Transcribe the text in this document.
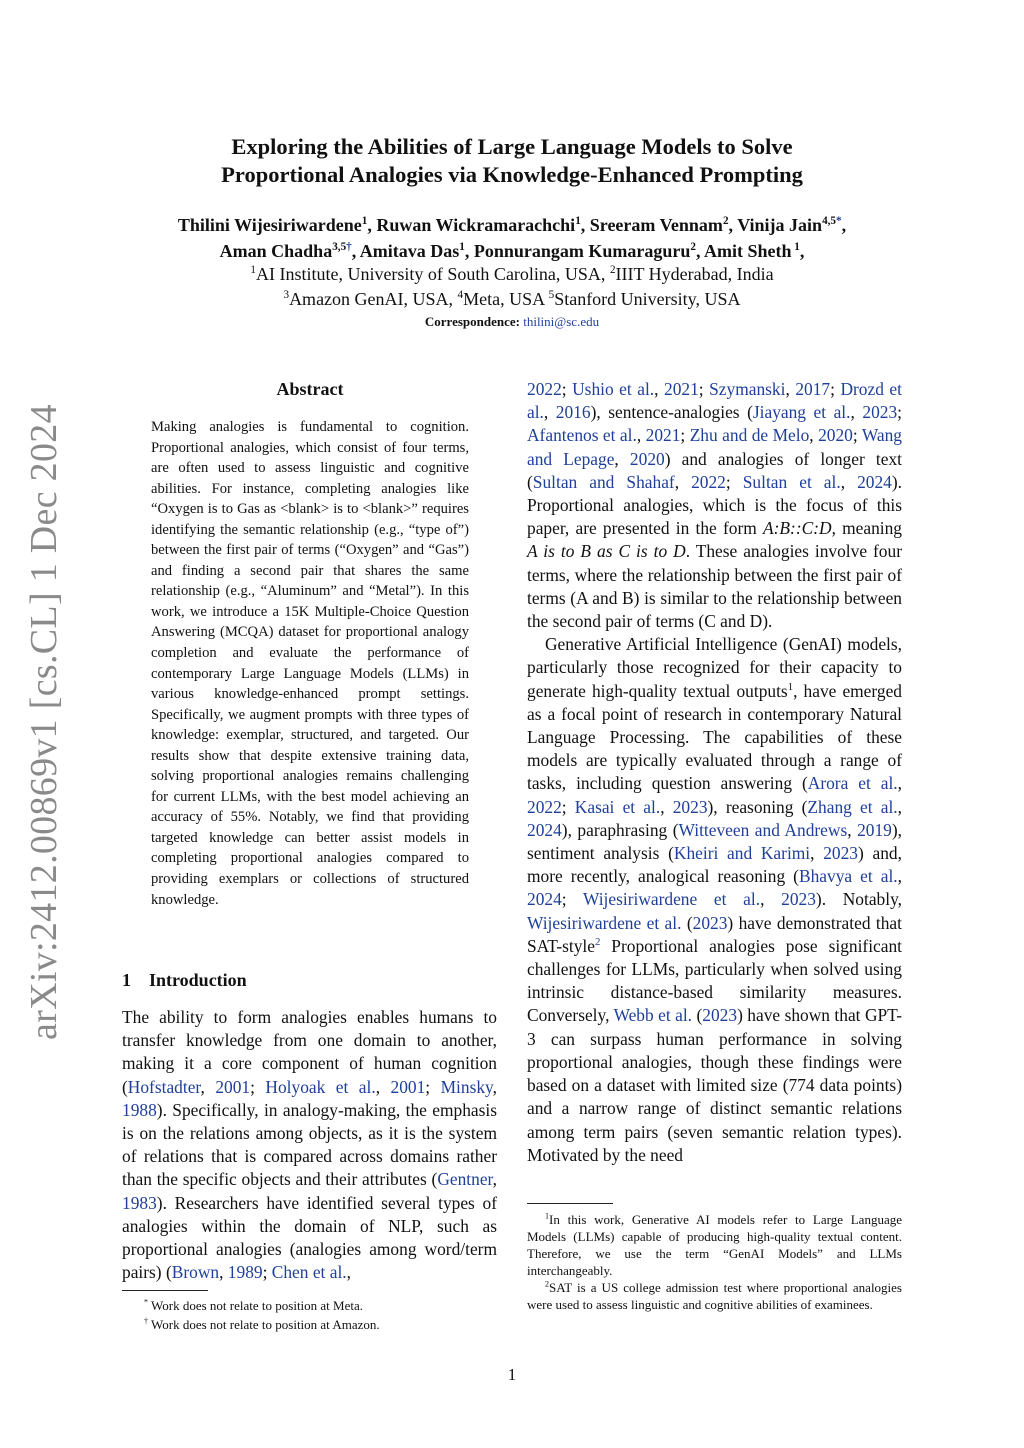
arXiv:2412.00869v1 [cs.CL] 1 Dec 2024
Exploring the Abilities of Large Language Models to Solve
Proportional Analogies via Knowledge-Enhanced Prompting
Thilini Wijesiriwardene$^1$, Ruwan Wickramarachchi$^1$, Sreeram Vennam$^2$, Vinija Jain$^{4,5*}$,
Aman Chadha$^{3,5\dagger}$, Amitava Das$^1$, Ponnurangam Kumaraguru$^2$, Amit Sheth $^1$,
$^1$AI Institute, University of South Carolina, USA, $^2$IIIT Hyderabad, India
$^3$Amazon GenAI, USA, $^4$Meta, USA $^5$Stanford University, USA
Correspondence: thilini@sc.edu
Abstract
Making analogies is fundamental to cognition. Proportional analogies, which consist of four terms, are often used to assess linguistic and cognitive abilities. For instance, completing analogies like “Oxygen is to Gas as <blank> is to <blank>” requires identifying the semantic relationship (e.g., “type of”) between the first pair of terms (“Oxygen” and “Gas”) and finding a second pair that shares the same relationship (e.g., “Aluminum” and “Metal”). In this work, we introduce a 15K Multiple-Choice Question Answering (MCQA) dataset for proportional analogy completion and evaluate the performance of contemporary Large Language Models (LLMs) in various knowledge-enhanced prompt settings. Specifically, we augment prompts with three types of knowledge: exemplar, structured, and targeted. Our results show that despite extensive training data, solving proportional analogies remains challenging for current LLMs, with the best model achieving an accuracy of 55%. Notably, we find that providing targeted knowledge can better assist models in completing proportional analogies compared to providing exemplars or collections of structured knowledge.
1 Introduction

The ability to form analogies enables humans to transfer knowledge from one domain to another, making it a core component of human cognition (Hofstadter, 2001; Holyoak et al., 2001; Minsky, 1988). Specifically, in analogy-making, the emphasis is on the relations among objects, as it is the system of relations that is compared across domains rather than the specific objects and their attributes (Gentner, 1983). Researchers have identified several types of analogies within the domain of NLP, such as proportional analogies (analogies among word/term pairs) (Brown, 1989; Chen et al.,

* Work does not relate to position at Meta.
† Work does not relate to position at Amazon.

2022; Ushio et al., 2021; Szymanski, 2017; Drozd et al., 2016), sentence-analogies (Jiayang et al., 2023; Afantenos et al., 2021; Zhu and de Melo, 2020; Wang and Lepage, 2020) and analogies of longer text (Sultan and Shahaf, 2022; Sultan et al., 2024). Proportional analogies, which is the focus of this paper, are presented in the form A:B::C:D, meaning A is to B as C is to D. These analogies involve four terms, where the relationship between the first pair of terms (A and B) is similar to the relationship between the second pair of terms (C and D).

Generative Artificial Intelligence (GenAI) models, particularly those recognized for their capacity to generate high-quality textual outputs$^1$, have emerged as a focal point of research in contemporary Natural Language Processing. The capabilities of these models are typically evaluated through a range of tasks, including question answering (Arora et al., 2022; Kasai et al., 2023), reasoning (Zhang et al., 2024), paraphrasing (Witteveen and Andrews, 2019), sentiment analysis (Kheiri and Karimi, 2023) and, more recently, analogical reasoning (Bhavya et al., 2024; Wijesiriwardene et al., 2023). Notably, Wijesiriwardene et al. (2023) have demonstrated that SAT-style$^2$ Proportional analogies pose significant challenges for LLMs, particularly when solved using intrinsic distance-based similarity measures. Conversely, Webb et al. (2023) have shown that GPT-3 can surpass human performance in solving proportional analogies, though these findings were based on a dataset with limited size (774 data points) and a narrow range of distinct semantic relations among term pairs (seven semantic relation types). Motivated by the need

$^1$In this work, Generative AI models refer to Large Language Models (LLMs) capable of producing high-quality textual content. Therefore, we use the term “GenAI Models” and LLMs interchangeably.

$^2$SAT is a US college admission test where proportional analogies were used to assess linguistic and cognitive abilities of examinees.

1
